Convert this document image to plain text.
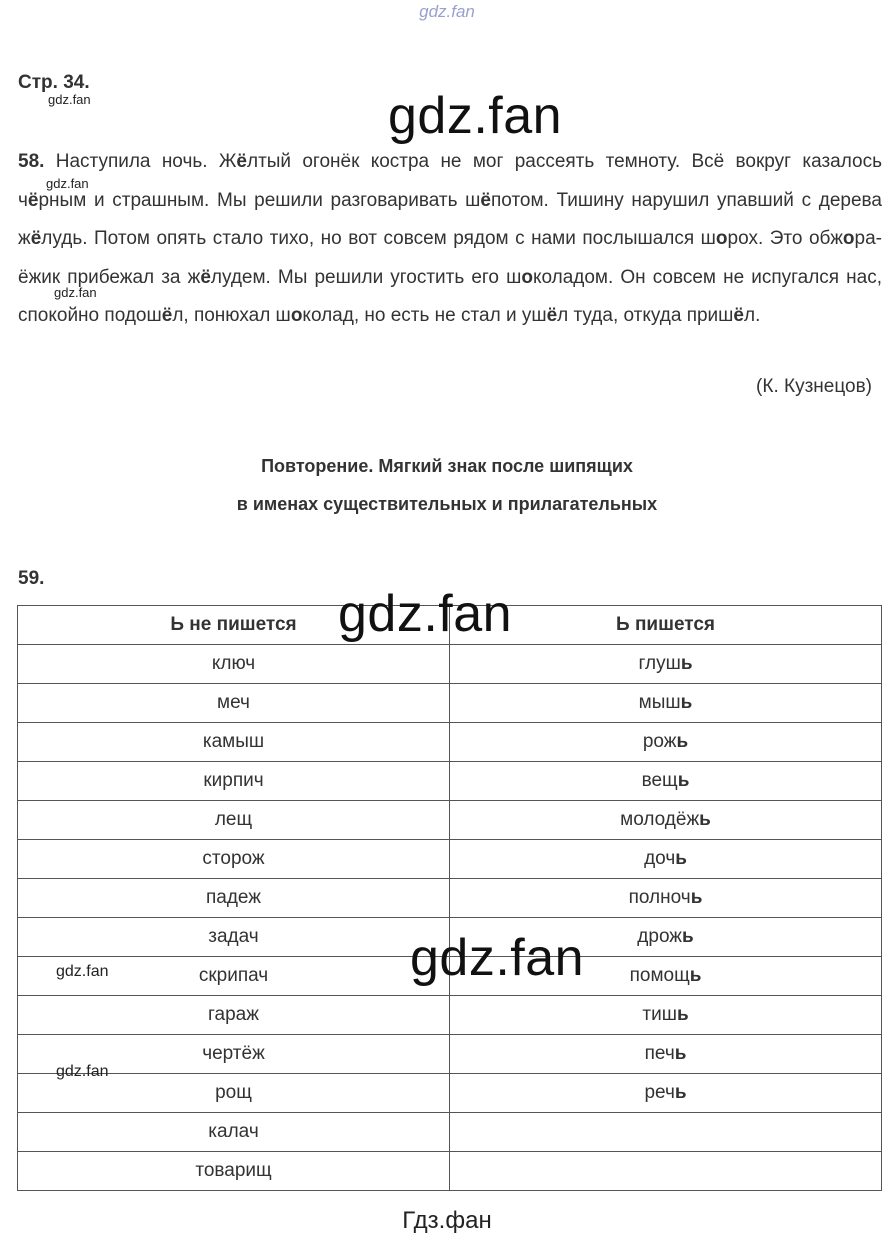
gdz.fan
Стр. 34.
gdz.fan	gdz.fan
58. Наступила ночь. Жёлтый огонёк костра не мог рассеять темноту. Всё вокруг казалось чёрным и страшным. Мы решили разговаривать шёпотом. Тишину нарушил упавший с дерева жёлудь. Потом опять стало тихо, но вот совсем рядом с нами послышался шорох. Это обжора-ёжик прибежал за жёлудем. Мы решили угостить его шоколадом. Он совсем не испугался нас, спокойно подошёл, понюхал шоколад, но есть не стал и ушёл туда, откуда пришёл.
gdz.fan
gdz.fan
(К. Кузнецов)
Повторение. Мягкий знак после шипящих
в именах существительных и прилагательных
59.
Ь не пишется	Ь пишется
ключ	глушь
меч	мышь
камыш	рожь
кирпич	вещь
лещ	молодёжь
сторож	дочь
падеж	полночь
задач	дрожь
скрипач	помощь
гараж	тишь
чертёж	печь
рощ	речь
калач	
товарищ	
gdz.fan
gdz.fan
gdz.fan
gdz.fan
Гдз.фан
